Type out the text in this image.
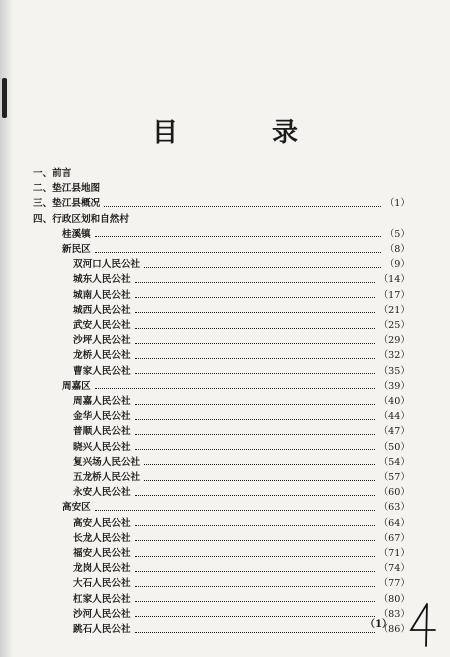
目　录
一、前言
二、垫江县地图
三、垫江县概况	（1）
四、行政区划和自然村
桂溪镇	（5）
新民区	（8）
双河口人民公社	（9）
城东人民公社	（14）
城南人民公社	（17）
城西人民公社	（21）
武安人民公社	（25）
沙坪人民公社	（29）
龙桥人民公社	（32）
曹家人民公社	（35）
周嘉区	（39）
周嘉人民公社	（40）
金华人民公社	（44）
普顺人民公社	（47）
晓兴人民公社	（50）
复兴场人民公社	（54）
五龙桥人民公社	（57）
永安人民公社	（60）
高安区	（63）
高安人民公社	（64）
长龙人民公社	（67）
福安人民公社	（71）
龙岗人民公社	（74）
大石人民公社	（77）
杠家人民公社	（80）
沙河人民公社	（83）
跳石人民公社	（86）
（1）
